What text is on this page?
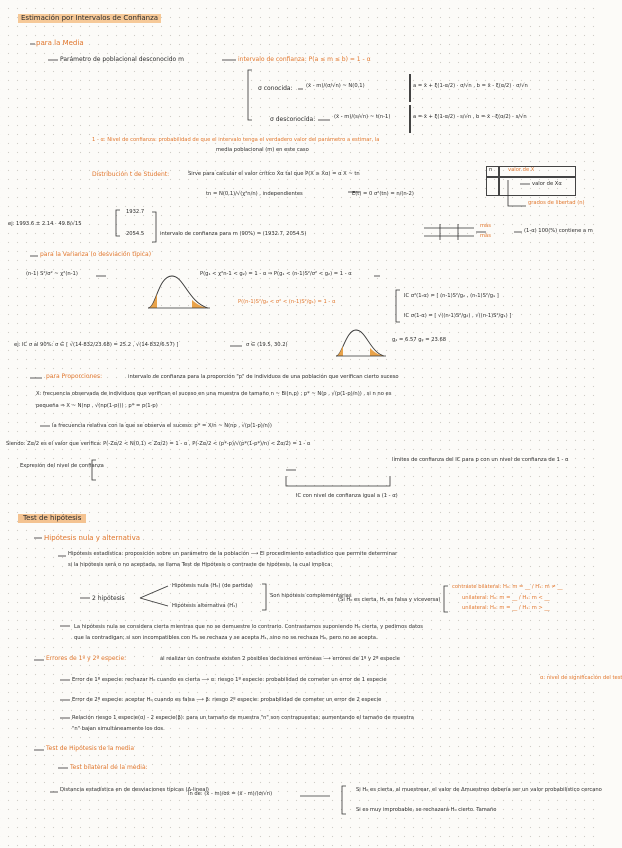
Estimación por Intervalos de Confianza
para la Media
Parámetro de poblacional desconocido m	intervalo de confianza: P(a ≤ m ≤ b) = 1 - α
σ conocida:	(x̄ - m)/(σ/√n) ~ N(0,1)	a = x̄ + ξ(1-α/2) · σ/√n , b = x̄ - ξ(α/2) · σ/√n
σ desconocida:	(x̄ - m)/(s/√n) ~ t(n-1)	a = x̄ + ξ(1-α/2) · s/√n , b = x̄ - ξ(α/2) · s/√n
1 - α: Nivel de confianza: probabilidad de que el intervalo tenga el verdadero valor del parámetro a estimar, la
media poblacional (m) en este caso
Distribución t de Student:	Sirve para calcular el valor crítico Xα tal que P(X ≥ Xα) = α X ~ tn
tn = N(0,1)/√(χ²n/n) , independientes	E(t) = 0 σ²(tn) = n/(n-2)
n	valor de X
valor de Xα
grados de libertad (n)
ej: 1993.6 ± 2.14 · 49.8/√15
1932.7
2054.5	intervalo de confianza para m (90%) = (1932.7, 2054.5)
más
más
(1-α) 100(%) contiene a m
para la Varianza (o desviación típica)
(n-1) S²/σ² ~ χ²(n-1)	P(g₁ < χ²n-1 < g₂) = 1 - α ⇒ P(g₁ < (n-1)S²/σ² < g₂) = 1 - α
P((n-1)S²/g₂ < σ² < (n-1)S²/g₁) = 1 - α
IC σ²(1-α) = [ (n-1)S²/g₂ , (n-1)S²/g₁ ]
IC σ(1-α) = [ √((n-1)S²/g₂) , √((n-1)S²/g₁) ]
ej: IC σ al 90%: σ ∈ [ √(14·832/23.68) = 25.2 , √(14·832/6.57) ]	σ ∈ (19.5, 30.2)
g₁ = 6.57 g₂ = 23.68
para Proporciones:	intervalo de confianza para la proporción "p" de individuos de una población que verifican cierto suceso
X: frecuencia observada de individuos que verifican el suceso en una muestra de tamaño n ~ Bi(n,p) ; p* ~ N(p , √(p(1-p)/n)) , si n no es
pequeña ⇒ X ~ N(np , √(np(1-p))) , p* = p(1-p)
la frecuencia relativa con la que se observa el suceso: p* = X/n ~ N(np , √(p(1-p)/n))
Siendo: Zα/2 es el valor que verifica: P(-Zα/2 < N(0,1) < Zα/2) = 1 - α , P(-Zα/2 < (p*-p)/√(p*(1-p*)/n) < Zα/2) = 1 - α
Expresión del nivel de confianza
IC con nivel de confianza igual a (1 - α)
límites de confianza del IC para p con un nivel de confianza de 1 - α
Test de hipótesis
Hipótesis nula y alternativa
Hipótesis estadística: proposición sobre un parámetro de la población ⟶ El procedimiento estadístico que permite determinar
si la hipótesis será o no aceptada, se llama Test de Hipótesis o contraste de hipótesis, la cual implica:
2 hipótesis
Hipótesis nula (H₀) (de partida)
Hipótesis alternativa (H₁)
Son hipótesis complementarias
(Si H₀ es cierta, H₁ es falsa y viceversa)
contraste bilateral: H₀: m = __ / H₁: m ≠ __
unilateral: H₀: m = __ / H₁: m < __
unilateral: H₀: m = __ / H₁: m > __
La hipótesis nula se considera cierta mientras que no se demuestre lo contrario. Contrastamos suponiendo H₀ cierta, y pedimos datos
que la contradigan; si son incompatibles con H₀ se rechaza y se acepta H₁, sino no se rechaza H₀, pero no se acepta.
Errores de 1º y 2º especie:	al realizar un contraste existen 2 posibles decisiones erróneas ⟶ errores de 1º y 2º especie
Error de 1º especie: rechazar H₀ cuando es cierta ⟶ α: riesgo 1º especie: probabilidad de cometer un error de 1 especie
Error de 2º especie: aceptar H₀ cuando es falsa ⟶ β: riesgo 2º especie: probabilidad de cometer un error de 2 especie
α: nivel de significación del test
Relación riesgo 1 especie(α) - 2 especie(β): para un tamaño de muestra "n" son contrapuestas; aumentando el tamaño de muestra
"n" bajan simultáneamente los dos.
Test de Hipótesis de la media
Test bilateral de la media:
Distancia estadística en de desviaciones típicas (Δ-lineal)
in de: (x̄ - m)/σx̄ = (x̄ - m)/(σ/√n)
Si H₀ es cierta, al muestrear, el valor de Δmuestreo debería ser un valor probabilístico cercano
Si es muy improbable, se rechazará H₀ cierto. Tamaño
